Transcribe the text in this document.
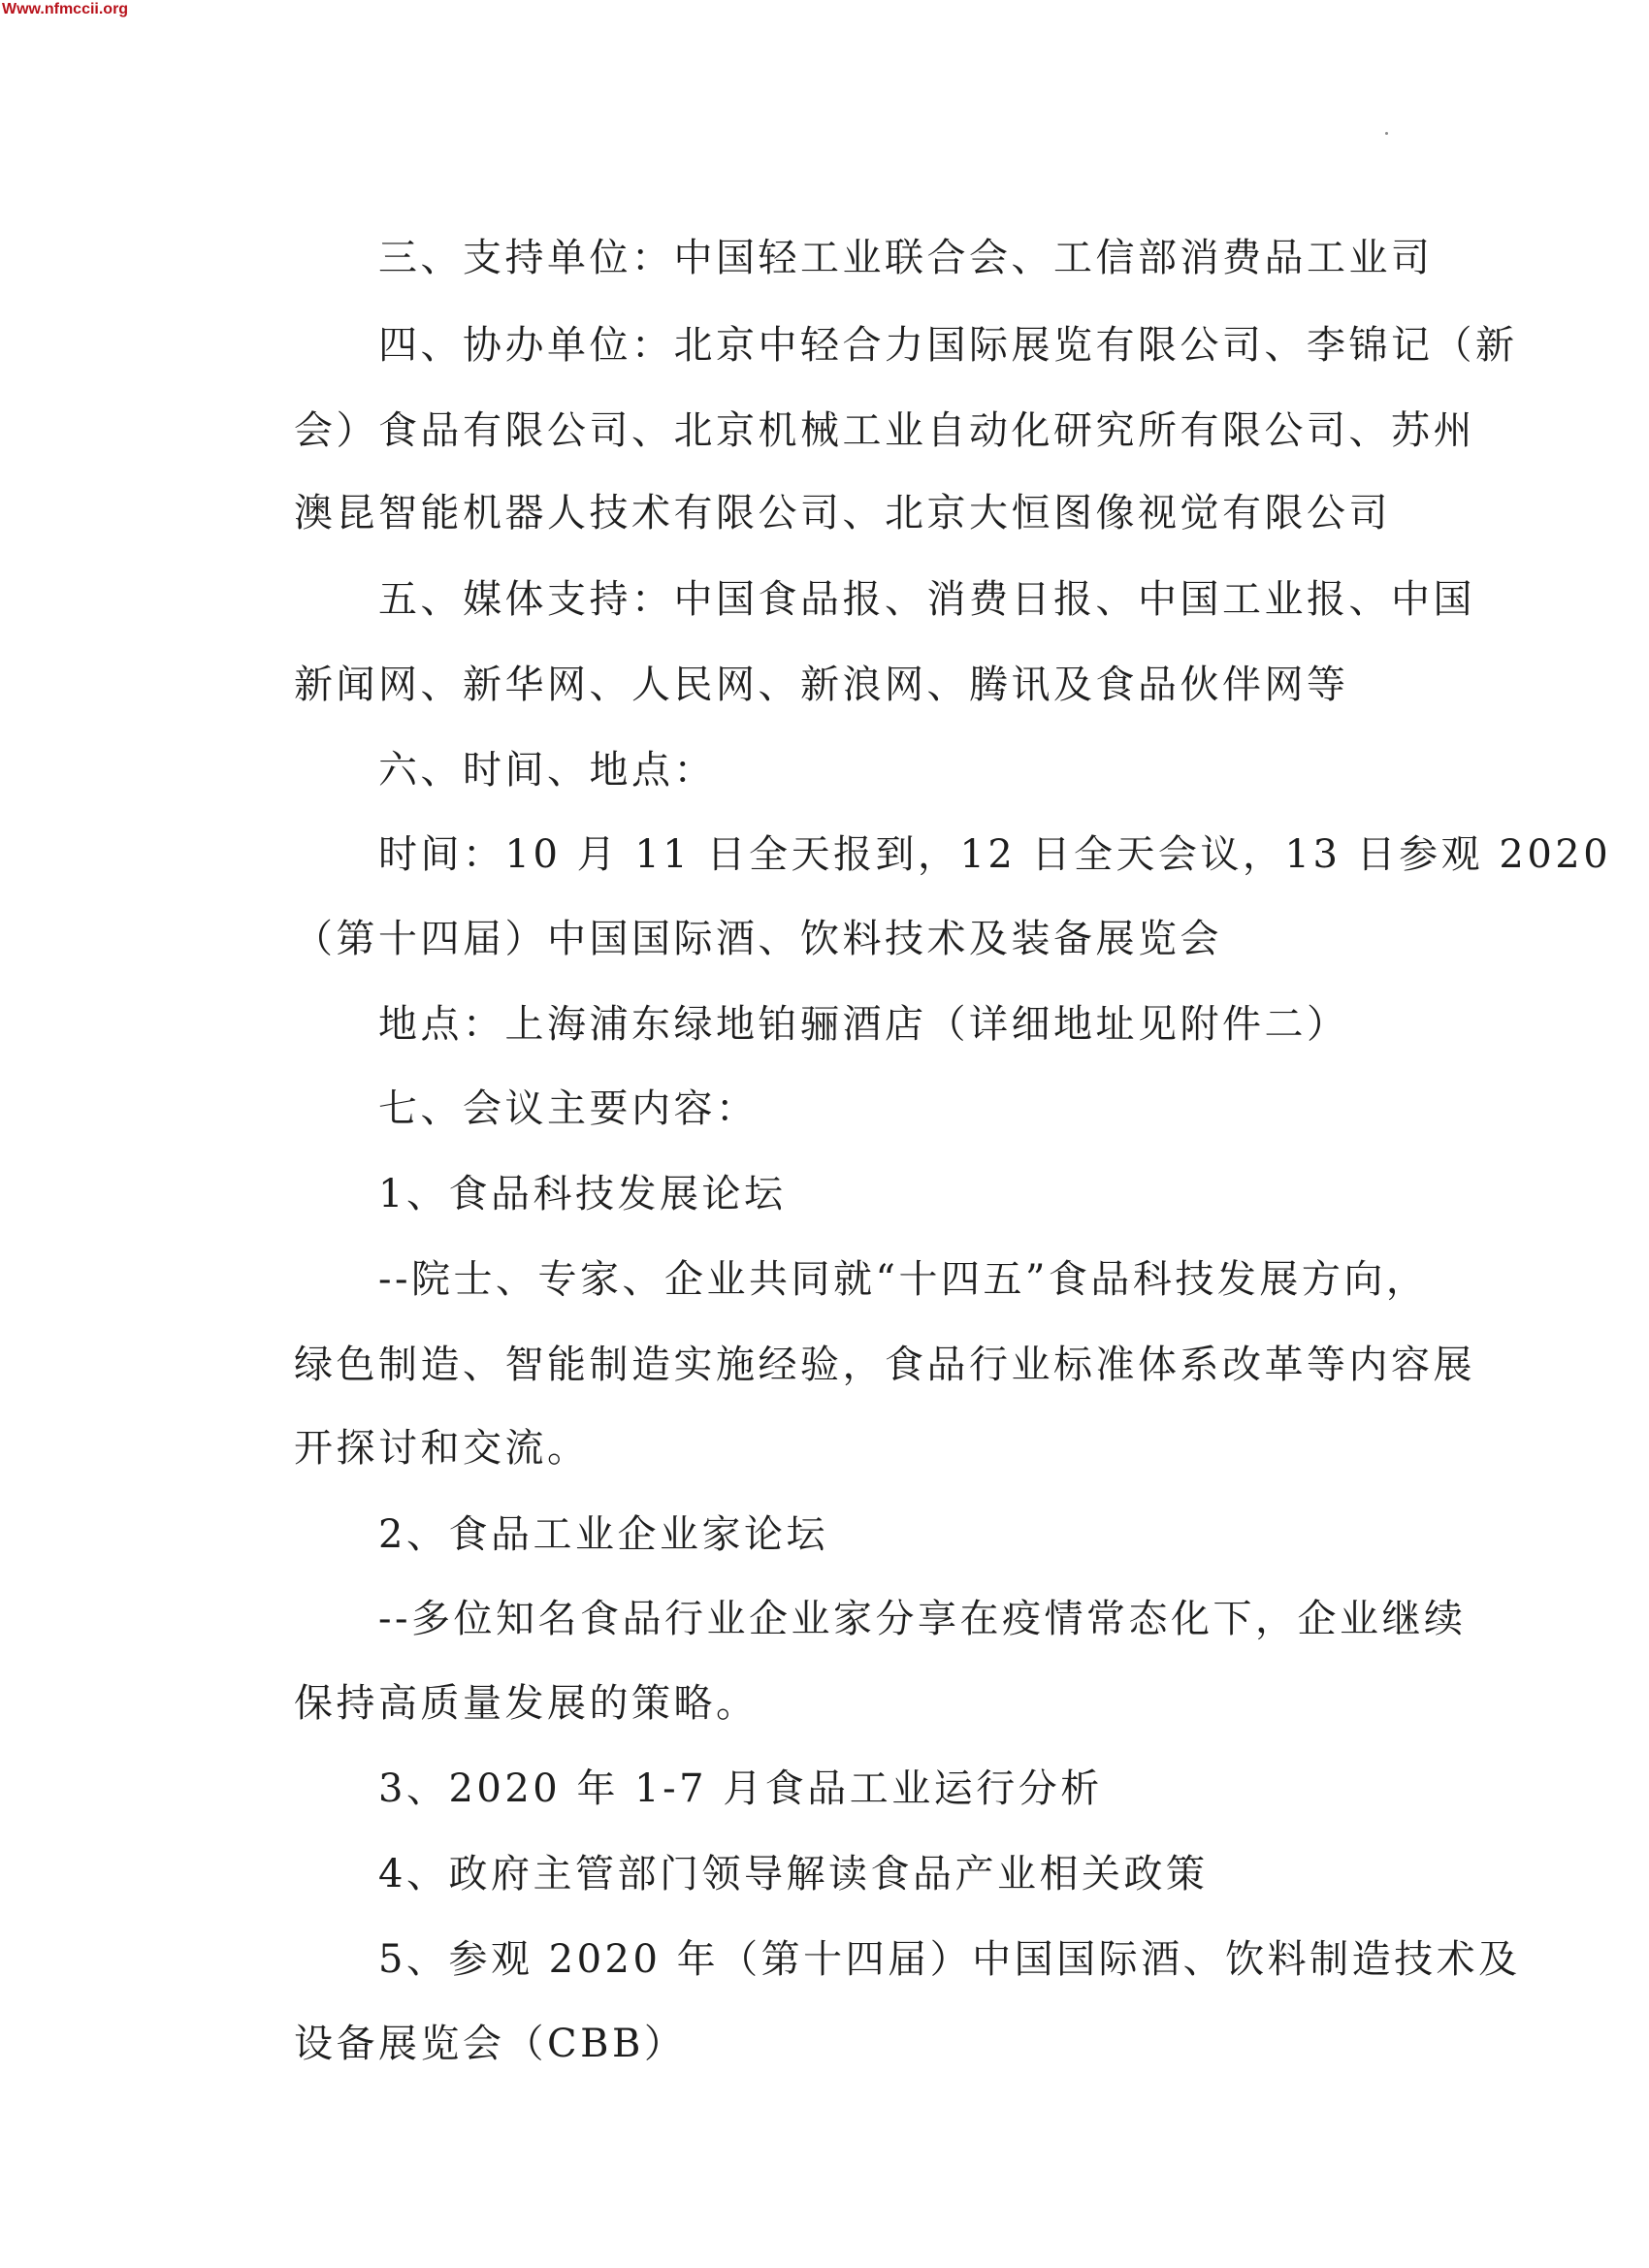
Www.nfmccii.org
三、支持单位：中国轻工业联合会、工信部消费品工业司
四、协办单位：北京中轻合力国际展览有限公司、李锦记（新
会）食品有限公司、北京机械工业自动化研究所有限公司、苏州
澳昆智能机器人技术有限公司、北京大恒图像视觉有限公司
五、媒体支持：中国食品报、消费日报、中国工业报、中国
新闻网、新华网、人民网、新浪网、腾讯及食品伙伴网等
六、时间、地点：
时间：10 月 11 日全天报到，12 日全天会议，13 日参观 2020
（第十四届）中国国际酒、饮料技术及装备展览会
地点：上海浦东绿地铂骊酒店（详细地址见附件二）
七、会议主要内容：
1、食品科技发展论坛
--院士、专家、企业共同就“十四五”食品科技发展方向，
绿色制造、智能制造实施经验，食品行业标准体系改革等内容展
开探讨和交流。
2、食品工业企业家论坛
--多位知名食品行业企业家分享在疫情常态化下，企业继续
保持高质量发展的策略。
3、2020 年 1-7 月食品工业运行分析
4、政府主管部门领导解读食品产业相关政策
5、参观 2020 年（第十四届）中国国际酒、饮料制造技术及
设备展览会（CBB）
